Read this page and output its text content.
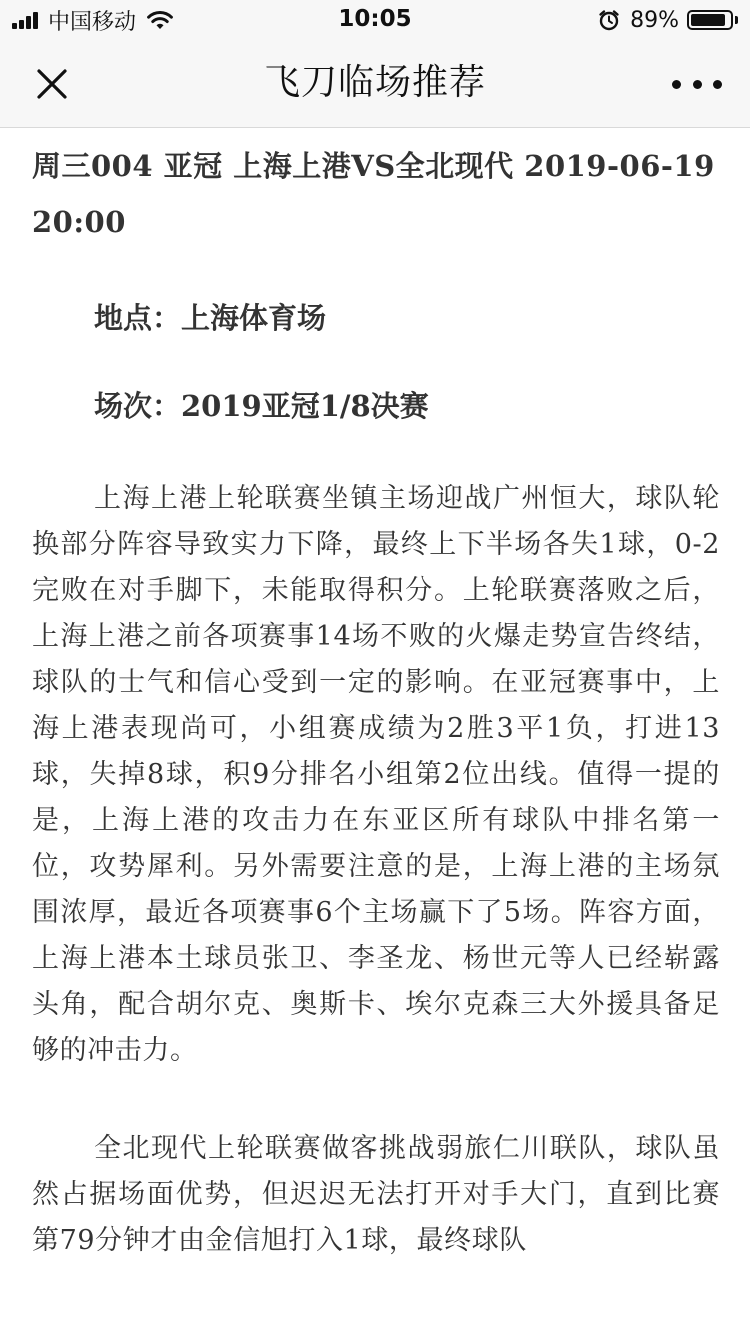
中国移动	10:05	89%
飞刀临场推荐
周三004 亚冠 上海上港VS全北现代 2019-06-19 20:00

地点：上海体育场

场次：2019亚冠1/8决赛

上海上港上轮联赛坐镇主场迎战广州恒大，球队轮换部分阵容导致实力下降，最终上下半场各失1球，0-2完败在对手脚下，未能取得积分。上轮联赛落败之后，上海上港之前各项赛事14场不败的火爆走势宣告终结，球队的士气和信心受到一定的影响。在亚冠赛事中，上海上港表现尚可，小组赛成绩为2胜3平1负，打进13球，失掉8球，积9分排名小组第2位出线。值得一提的是，上海上港的攻击力在东亚区所有球队中排名第一位，攻势犀利。另外需要注意的是，上海上港的主场氛围浓厚，最近各项赛事6个主场赢下了5场。阵容方面，上海上港本土球员张卫、李圣龙、杨世元等人已经崭露头角，配合胡尔克、奥斯卡、埃尔克森三大外援具备足够的冲击力。

全北现代上轮联赛做客挑战弱旅仁川联队，球队虽然占据场面优势，但迟迟无法打开对手大门，直到比赛第79分钟才由金信旭打入1球，最终球队
